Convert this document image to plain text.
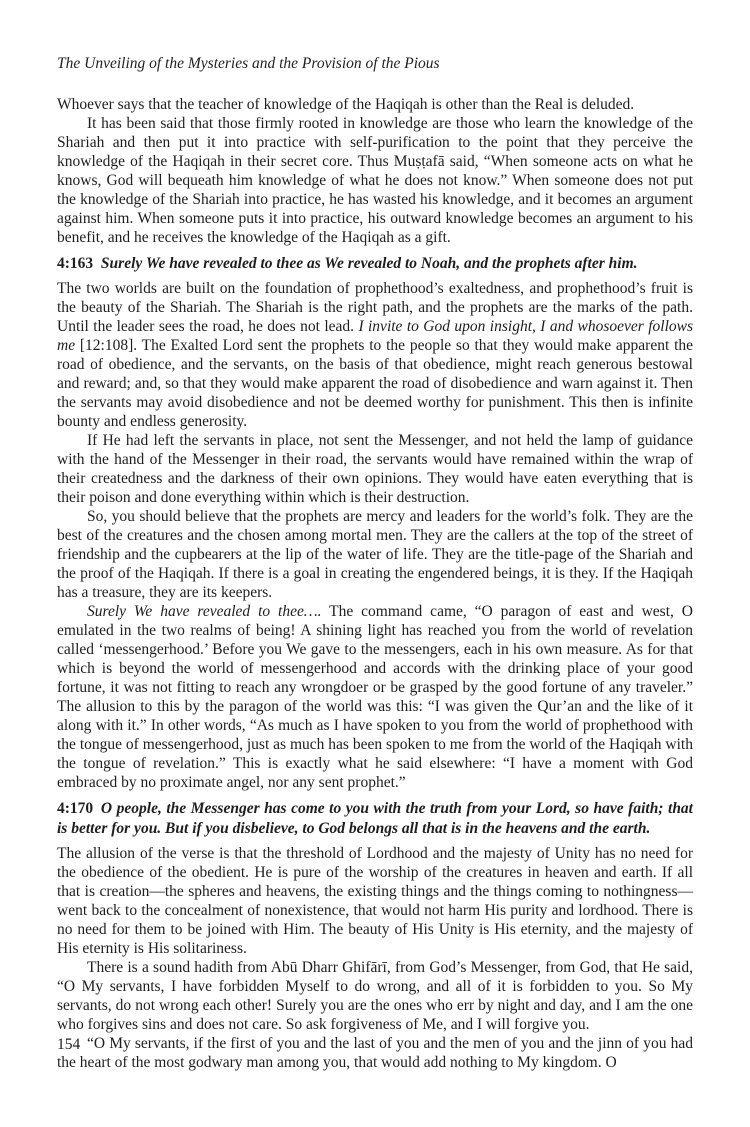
The Unveiling of the Mysteries and the Provision of the Pious

Whoever says that the teacher of knowledge of the Haqiqah is other than the Real is deluded.

It has been said that those firmly rooted in knowledge are those who learn the knowledge of the Shariah and then put it into practice with self-purification to the point that they perceive the knowledge of the Haqiqah in their secret core. Thus Muṣṭafā said, “When someone acts on what he knows, God will bequeath him knowledge of what he does not know.” When someone does not put the knowledge of the Shariah into practice, he has wasted his knowledge, and it becomes an argument against him. When someone puts it into practice, his outward knowledge becomes an argument to his benefit, and he receives the knowledge of the Haqiqah as a gift.

4:163 Surely We have revealed to thee as We revealed to Noah, and the prophets after him.

The two worlds are built on the foundation of prophethood’s exaltedness, and prophethood’s fruit is the beauty of the Shariah. The Shariah is the right path, and the prophets are the marks of the path. Until the leader sees the road, he does not lead. I invite to God upon insight, I and whosoever follows me [12:108]. The Exalted Lord sent the prophets to the people so that they would make apparent the road of obedience, and the servants, on the basis of that obedience, might reach generous bestowal and reward; and, so that they would make apparent the road of disobedience and warn against it. Then the servants may avoid disobedience and not be deemed worthy for punishment. This then is infinite bounty and endless generosity.

If He had left the servants in place, not sent the Messenger, and not held the lamp of guidance with the hand of the Messenger in their road, the servants would have remained within the wrap of their createdness and the darkness of their own opinions. They would have eaten everything that is their poison and done everything within which is their destruction.

So, you should believe that the prophets are mercy and leaders for the world’s folk. They are the best of the creatures and the chosen among mortal men. They are the callers at the top of the street of friendship and the cupbearers at the lip of the water of life. They are the title-page of the Shariah and the proof of the Haqiqah. If there is a goal in creating the engendered beings, it is they. If the Haqiqah has a treasure, they are its keepers.

Surely We have revealed to thee…. The command came, “O paragon of east and west, O emulated in the two realms of being! A shining light has reached you from the world of revelation called ‘messengerhood.’ Before you We gave to the messengers, each in his own measure. As for that which is beyond the world of messengerhood and accords with the drinking place of your good fortune, it was not fitting to reach any wrongdoer or be grasped by the good fortune of any traveler.” The allusion to this by the paragon of the world was this: “I was given the Qur’an and the like of it along with it.” In other words, “As much as I have spoken to you from the world of prophethood with the tongue of messengerhood, just as much has been spoken to me from the world of the Haqiqah with the tongue of revelation.” This is exactly what he said elsewhere: “I have a moment with God embraced by no proximate angel, nor any sent prophet.”

4:170 O people, the Messenger has come to you with the truth from your Lord, so have faith; that is better for you. But if you disbelieve, to God belongs all that is in the heavens and the earth.

The allusion of the verse is that the threshold of Lordhood and the majesty of Unity has no need for the obedience of the obedient. He is pure of the worship of the creatures in heaven and earth. If all that is creation—the spheres and heavens, the existing things and the things coming to nothingness—went back to the concealment of nonexistence, that would not harm His purity and lordhood. There is no need for them to be joined with Him. The beauty of His Unity is His eternity, and the majesty of His eternity is His solitariness.

There is a sound hadith from Abū Dharr Ghifārī, from God’s Messenger, from God, that He said, “O My servants, I have forbidden Myself to do wrong, and all of it is forbidden to you. So My servants, do not wrong each other! Surely you are the ones who err by night and day, and I am the one who forgives sins and does not care. So ask forgiveness of Me, and I will forgive you.

“O My servants, if the first of you and the last of you and the men of you and the jinn of you had the heart of the most godwary man among you, that would add nothing to My kingdom. O

154
